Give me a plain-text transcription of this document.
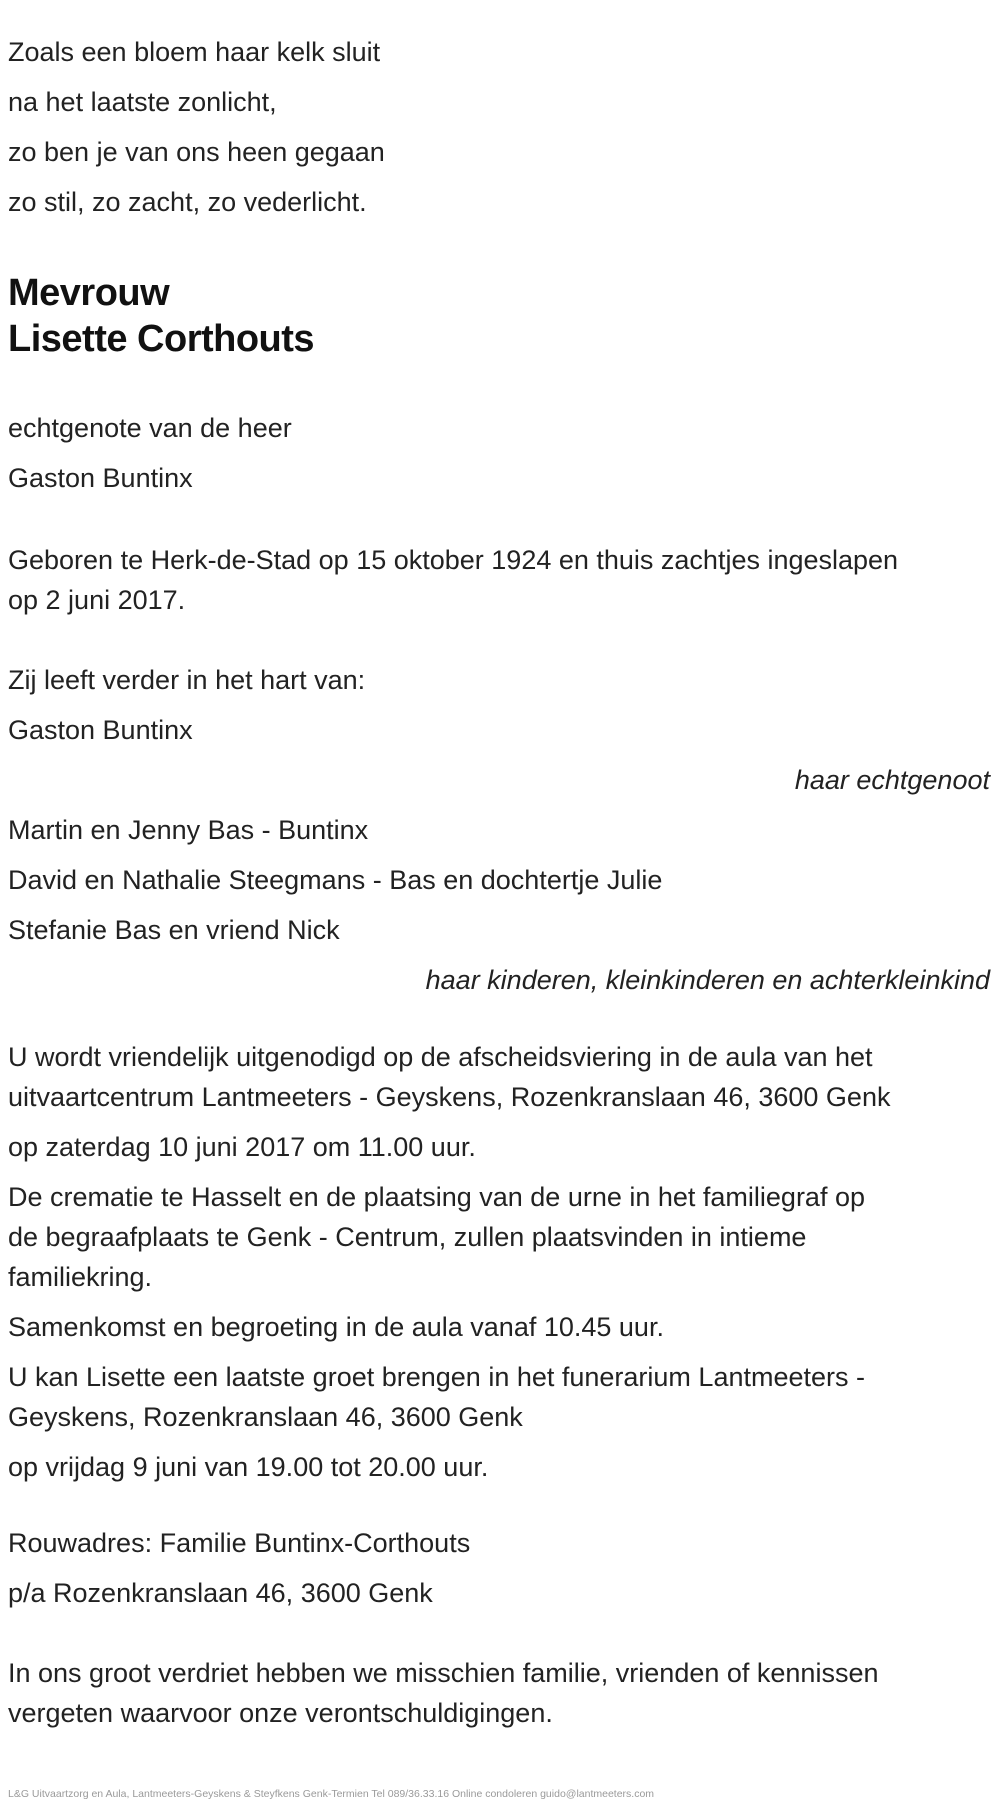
Zoals een bloem haar kelk sluit
na het laatste zonlicht,
zo ben je van ons heen gegaan
zo stil, zo zacht, zo vederlicht.
Mevrouw
Lisette Corthouts
echtgenote van de heer
Gaston Buntinx
Geboren te Herk-de-Stad op 15 oktober 1924 en thuis zachtjes ingeslapen
op 2 juni 2017.
Zij leeft verder in het hart van:
Gaston Buntinx
haar echtgenoot
Martin en Jenny Bas - Buntinx
David en Nathalie Steegmans - Bas en dochtertje Julie
Stefanie Bas en vriend Nick
haar kinderen, kleinkinderen en achterkleinkind
U wordt vriendelijk uitgenodigd op de afscheidsviering in de aula van het
uitvaartcentrum Lantmeeters - Geyskens, Rozenkranslaan 46, 3600 Genk
op zaterdag 10 juni 2017 om 11.00 uur.
De crematie te Hasselt en de plaatsing van de urne in het familiegraf op
de begraafplaats te Genk - Centrum, zullen plaatsvinden in intieme
familiekring.
Samenkomst en begroeting in de aula vanaf 10.45 uur.
U kan Lisette een laatste groet brengen in het funerarium Lantmeeters -
Geyskens, Rozenkranslaan 46, 3600 Genk
op vrijdag 9 juni van 19.00 tot 20.00 uur.
Rouwadres: Familie Buntinx-Corthouts
p/a Rozenkranslaan 46, 3600 Genk
In ons groot verdriet hebben we misschien familie, vrienden of kennissen
vergeten waarvoor onze verontschuldigingen.
L&G Uitvaartzorg en Aula, Lantmeeters-Geyskens & Steyfkens Genk-Termien Tel 089/36.33.16 Online condoleren guido@lantmeeters.com
